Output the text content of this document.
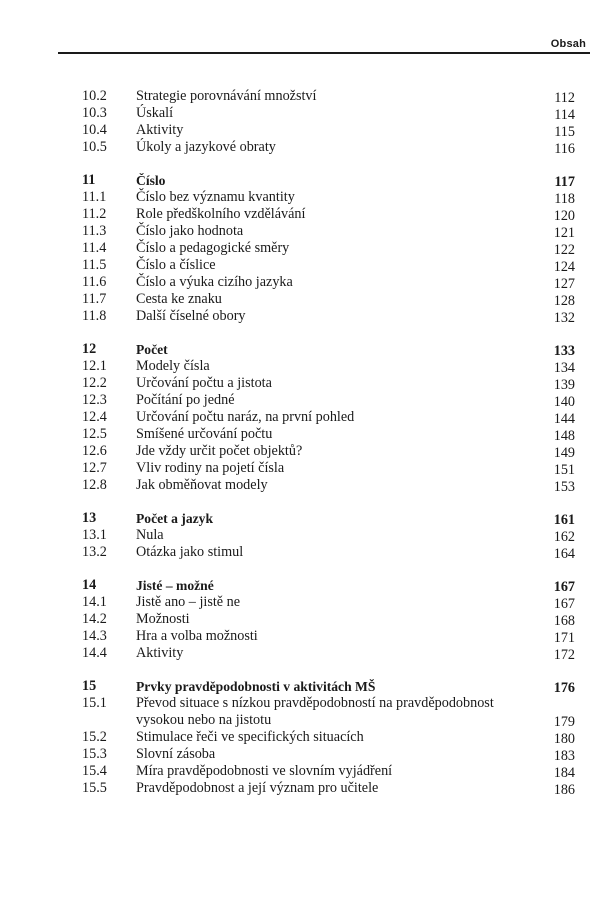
Obsah
10.2 Strategie porovnávání množství	112
10.3 Úskalí	114
10.4 Aktivity	115
10.5 Úkoly a jazykové obraty	116
11	Číslo	117
11.1 Číslo bez významu kvantity	118
11.2 Role předškolního vzdělávání	120
11.3 Číslo jako hodnota	121
11.4 Číslo a pedagogické směry	122
11.5 Číslo a číslice	124
11.6 Číslo a výuka cizího jazyka	127
11.7 Cesta ke znaku	128
11.8 Další číselné obory	132
12	Počet	133
12.1 Modely čísla	134
12.2 Určování počtu a jistota	139
12.3 Počítání po jedné	140
12.4 Určování počtu naráz, na první pohled	144
12.5 Smíšené určování počtu	148
12.6 Jde vždy určit počet objektů?	149
12.7 Vliv rodiny na pojetí čísla	151
12.8 Jak obměňovat modely	153
13	Počet a jazyk	161
13.1 Nula	162
13.2 Otázka jako stimul	164
14	Jisté – možné	167
14.1 Jistě ano – jistě ne	167
14.2 Možnosti	168
14.3 Hra a volba možnosti	171
14.4 Aktivity	172
15	Prvky pravděpodobnosti v aktivitách MŠ	176
15.1 Převod situace s nízkou pravděpodobností na pravděpodobnost vysokou nebo na jistotu	179
15.2 Stimulace řeči ve specifických situacích	180
15.3 Slovní zásoba	183
15.4 Míra pravděpodobnosti ve slovním vyjádření	184
15.5 Pravděpodobnost a její význam pro učitele	186
